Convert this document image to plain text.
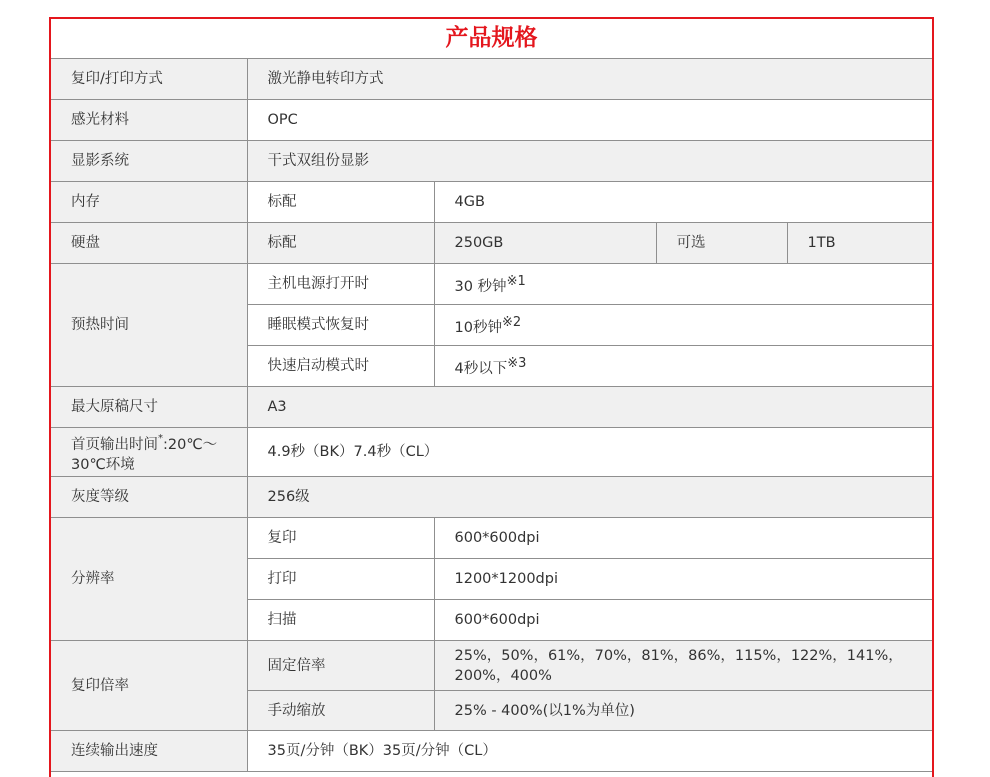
产品规格
复印/打印方式	激光静电转印方式			
感光材料	OPC			
显影系统	干式双组份显影			
内存	标配	4GB		
硬盘	标配	250GB	可选	1TB
预热时间	主机电源打开时	30 秒钟$^{※1}$
	睡眠模式恢复时	10秒钟$^{※2}$
	快速启动模式时	4秒以下$^{※3}$
最大原稿尺寸	A3			
首页输出时间*:20℃～
30℃环境	4.9秒（BK）7.4秒（CL）			
灰度等级	256级			
分辨率	复印	600*600dpi		
	打印	1200*1200dpi		
	扫描	600*600dpi		
复印倍率	固定倍率	25%，50%，61%，70%，81%，86%，115%，122%，141%，
200%，400%		
	手动缩放	25% - 400%(以1%为单位)		
连续输出速度	35页/分钟（BK）35页/分钟（CL）			
